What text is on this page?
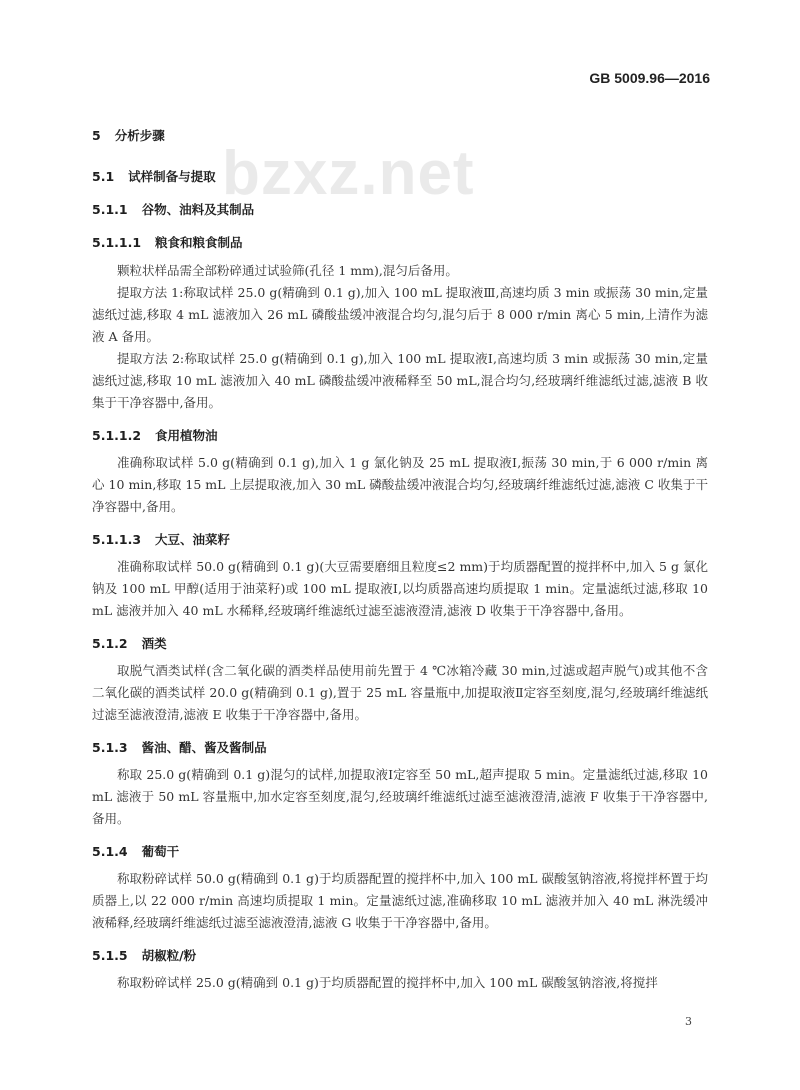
GB 5009.96—2016
bzxz.net
5 分析步骤
5.1 试样制备与提取
5.1.1 谷物、油料及其制品
5.1.1.1 粮食和粮食制品
颗粒状样品需全部粉碎通过试验筛(孔径 1 mm),混匀后备用。
提取方法 1:称取试样 25.0 g(精确到 0.1 g),加入 100 mL 提取液Ⅲ,高速均质 3 min 或振荡 30 min,定量滤纸过滤,移取 4 mL 滤液加入 26 mL 磷酸盐缓冲液混合均匀,混匀后于 8 000 r/min 离心 5 min,上清作为滤液 A 备用。
提取方法 2:称取试样 25.0 g(精确到 0.1 g),加入 100 mL 提取液Ⅰ,高速均质 3 min 或振荡 30 min,定量滤纸过滤,移取 10 mL 滤液加入 40 mL 磷酸盐缓冲液稀释至 50 mL,混合均匀,经玻璃纤维滤纸过滤,滤液 B 收集于干净容器中,备用。
5.1.1.2 食用植物油
准确称取试样 5.0 g(精确到 0.1 g),加入 1 g 氯化钠及 25 mL 提取液Ⅰ,振荡 30 min,于 6 000 r/min 离心 10 min,移取 15 mL 上层提取液,加入 30 mL 磷酸盐缓冲液混合均匀,经玻璃纤维滤纸过滤,滤液 C 收集于干净容器中,备用。
5.1.1.3 大豆、油菜籽
准确称取试样 50.0 g(精确到 0.1 g)(大豆需要磨细且粒度≤2 mm)于均质器配置的搅拌杯中,加入 5 g 氯化钠及 100 mL 甲醇(适用于油菜籽)或 100 mL 提取液Ⅰ,以均质器高速均质提取 1 min。定量滤纸过滤,移取 10 mL 滤液并加入 40 mL 水稀释,经玻璃纤维滤纸过滤至滤液澄清,滤液 D 收集于干净容器中,备用。
5.1.2 酒类
取脱气酒类试样(含二氧化碳的酒类样品使用前先置于 4 ℃冰箱冷藏 30 min,过滤或超声脱气)或其他不含二氧化碳的酒类试样 20.0 g(精确到 0.1 g),置于 25 mL 容量瓶中,加提取液Ⅱ定容至刻度,混匀,经玻璃纤维滤纸过滤至滤液澄清,滤液 E 收集于干净容器中,备用。
5.1.3 酱油、醋、酱及酱制品
称取 25.0 g(精确到 0.1 g)混匀的试样,加提取液Ⅰ定容至 50 mL,超声提取 5 min。定量滤纸过滤,移取 10 mL 滤液于 50 mL 容量瓶中,加水定容至刻度,混匀,经玻璃纤维滤纸过滤至滤液澄清,滤液 F 收集于干净容器中,备用。
5.1.4 葡萄干
称取粉碎试样 50.0 g(精确到 0.1 g)于均质器配置的搅拌杯中,加入 100 mL 碳酸氢钠溶液,将搅拌杯置于均质器上,以 22 000 r/min 高速均质提取 1 min。定量滤纸过滤,准确移取 10 mL 滤液并加入 40 mL 淋洗缓冲液稀释,经玻璃纤维滤纸过滤至滤液澄清,滤液 G 收集于干净容器中,备用。
5.1.5 胡椒粒/粉
称取粉碎试样 25.0 g(精确到 0.1 g)于均质器配置的搅拌杯中,加入 100 mL 碳酸氢钠溶液,将搅拌
3
